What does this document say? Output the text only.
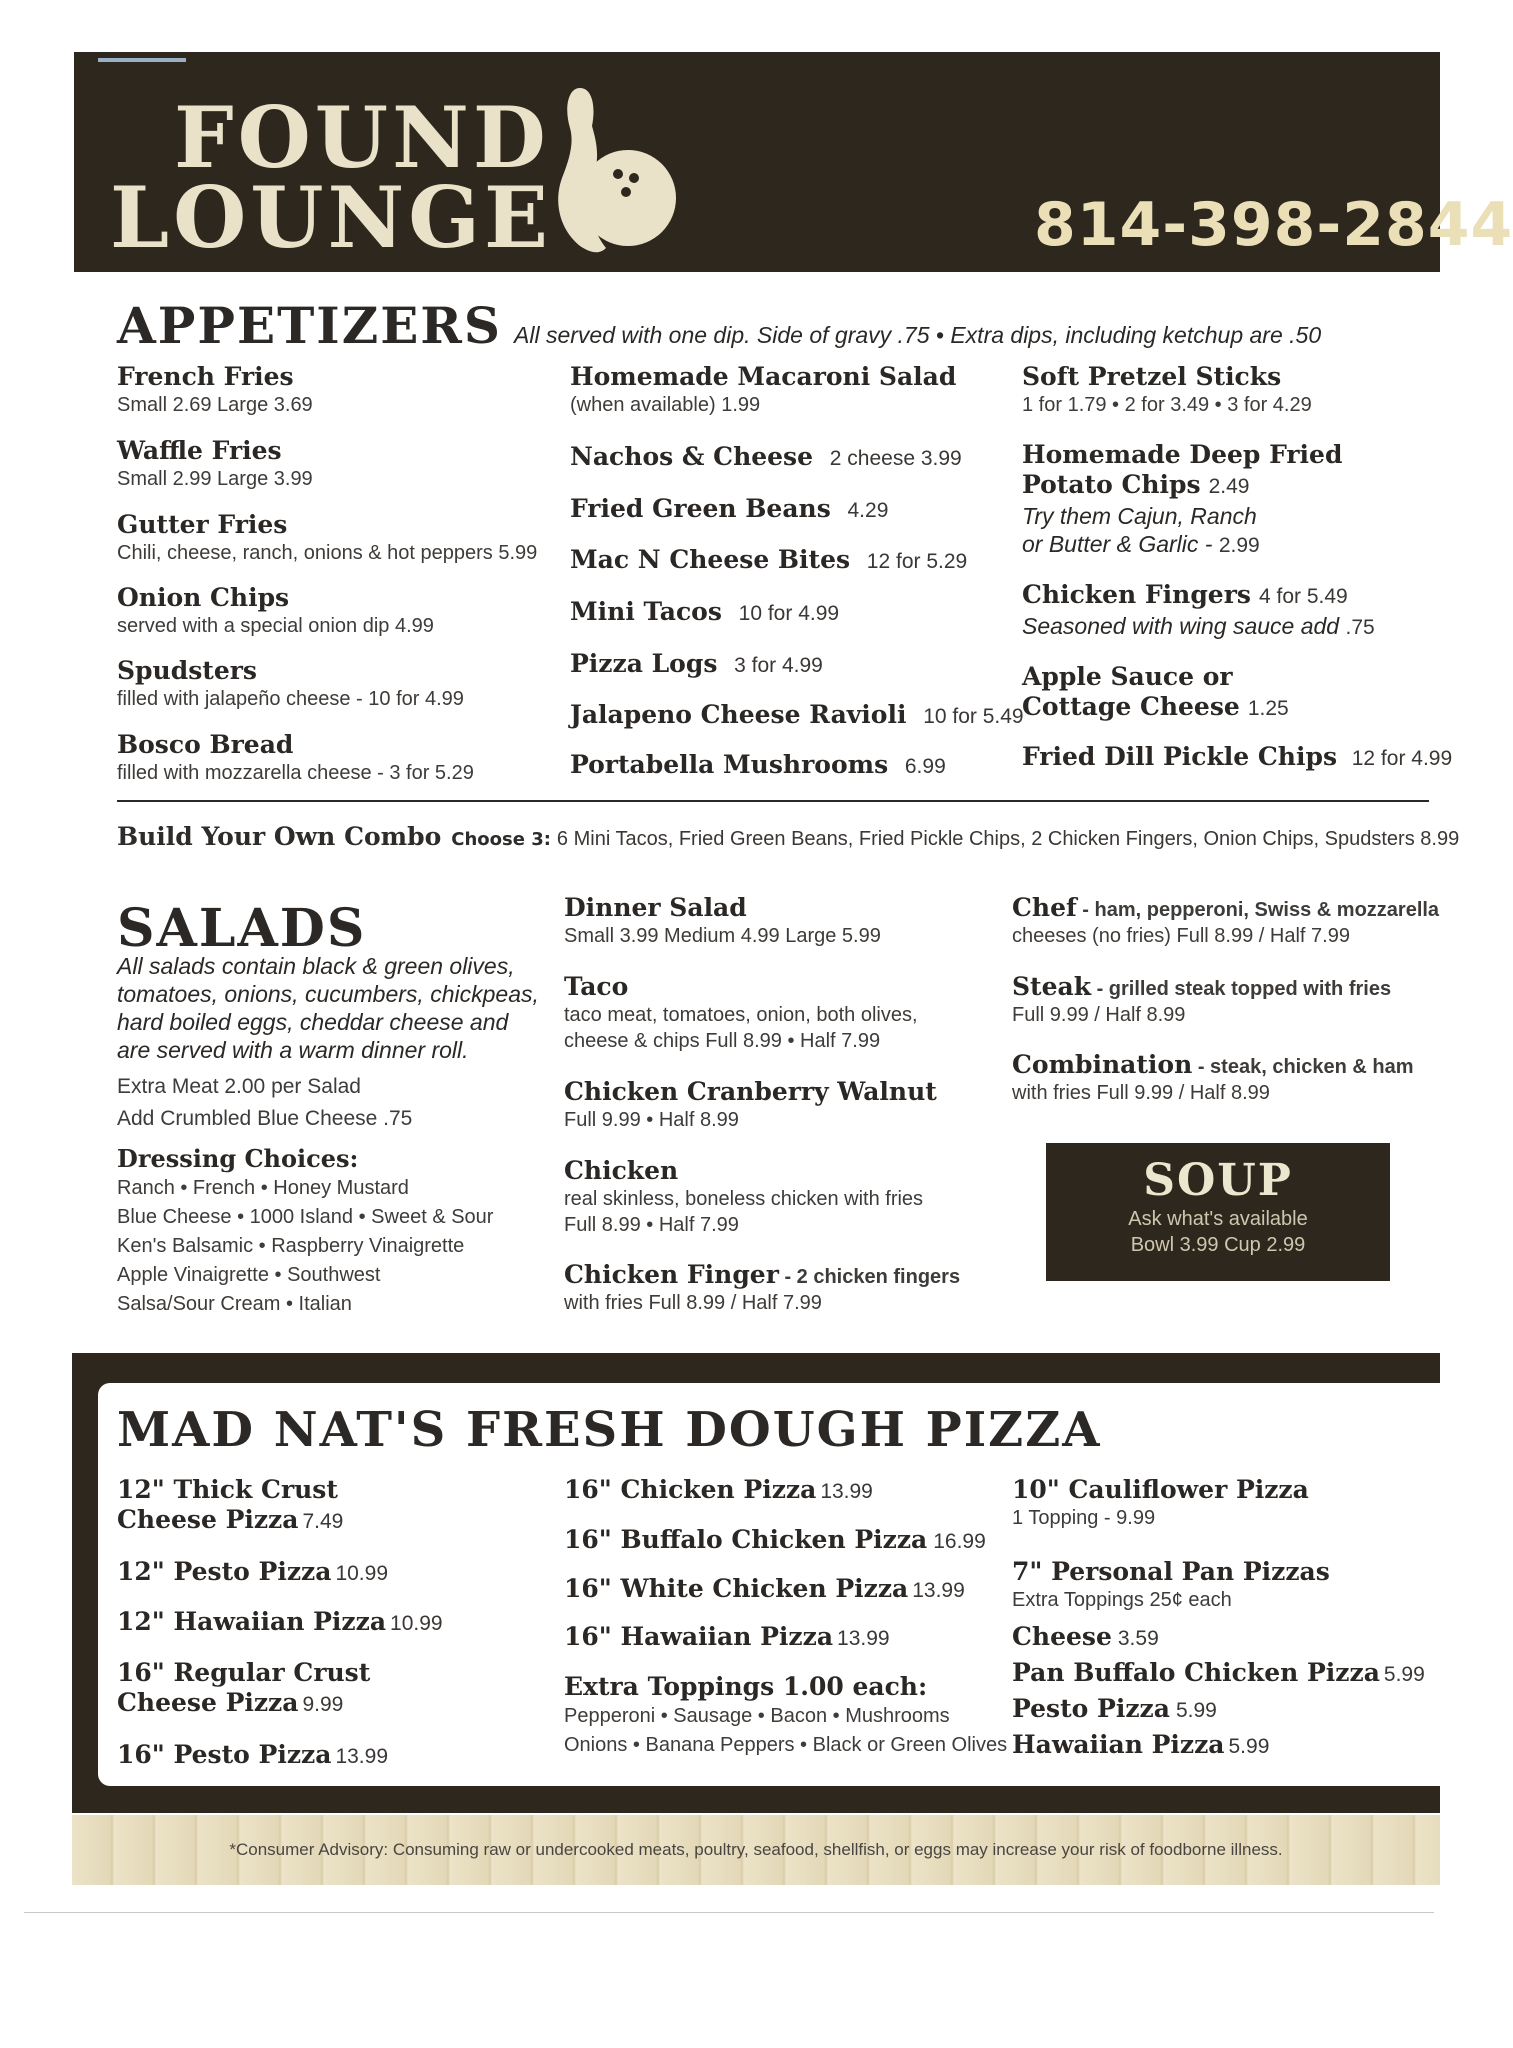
FOUND
LOUNGE	814-398-2844
APPETIZERS All served with one dip. Side of gravy .75 • Extra dips, including ketchup are .50
French Fries
Small 2.69 Large 3.69
Waffle Fries
Small 2.99 Large 3.99
Gutter Fries
Chili, cheese, ranch, onions & hot peppers 5.99
Onion Chips
served with a special onion dip 4.99
Spudsters
filled with jalapeño cheese - 10 for 4.99
Bosco Bread
filled with mozzarella cheese - 3 for 5.29
Homemade Macaroni Salad
(when available) 1.99
Nachos & Cheese 2 cheese 3.99
Fried Green Beans 4.29
Mac N Cheese Bites 12 for 5.29
Mini Tacos 10 for 4.99
Pizza Logs 3 for 4.99
Jalapeno Cheese Ravioli 10 for 5.49
Portabella Mushrooms 6.99
Soft Pretzel Sticks
1 for 1.79 • 2 for 3.49 • 3 for 4.29
Homemade Deep Fried
Potato Chips 2.49
Try them Cajun, Ranch
or Butter & Garlic - 2.99
Chicken Fingers 4 for 5.49
Seasoned with wing sauce add .75
Apple Sauce or
Cottage Cheese 1.25
Fried Dill Pickle Chips 12 for 4.99
Build Your Own Combo Choose 3: 6 Mini Tacos, Fried Green Beans, Fried Pickle Chips, 2 Chicken Fingers, Onion Chips, Spudsters 8.99
SALADS
All salads contain black & green olives,
tomatoes, onions, cucumbers, chickpeas,
hard boiled eggs, cheddar cheese and
are served with a warm dinner roll.
Extra Meat 2.00 per Salad
Add Crumbled Blue Cheese .75
Dressing Choices:
Ranch • French • Honey Mustard
Blue Cheese • 1000 Island • Sweet & Sour
Ken's Balsamic • Raspberry Vinaigrette
Apple Vinaigrette • Southwest
Salsa/Sour Cream • Italian
Dinner Salad
Small 3.99 Medium 4.99 Large 5.99
Taco
taco meat, tomatoes, onion, both olives,
cheese & chips Full 8.99 • Half 7.99
Chicken Cranberry Walnut
Full 9.99 • Half 8.99
Chicken
real skinless, boneless chicken with fries
Full 8.99 • Half 7.99
Chicken Finger - 2 chicken fingers
with fries Full 8.99 / Half 7.99
Chef - ham, pepperoni, Swiss & mozzarella
cheeses (no fries) Full 8.99 / Half 7.99
Steak - grilled steak topped with fries
Full 9.99 / Half 8.99
Combination - steak, chicken & ham
with fries Full 9.99 / Half 8.99
SOUP
Ask what's available
Bowl 3.99 Cup 2.99
MAD NAT'S FRESH DOUGH PIZZA
12" Thick Crust
Cheese Pizza 7.49
12" Pesto Pizza 10.99
12" Hawaiian Pizza 10.99
16" Regular Crust
Cheese Pizza 9.99
16" Pesto Pizza 13.99
16" Chicken Pizza 13.99
16" Buffalo Chicken Pizza 16.99
16" White Chicken Pizza 13.99
16" Hawaiian Pizza 13.99
Extra Toppings 1.00 each:
Pepperoni • Sausage • Bacon • Mushrooms
Onions • Banana Peppers • Black or Green Olives
10" Cauliflower Pizza
1 Topping - 9.99
7" Personal Pan Pizzas
Extra Toppings 25¢ each
Cheese 3.59
Pan Buffalo Chicken Pizza 5.99
Pesto Pizza 5.99
Hawaiian Pizza 5.99
*Consumer Advisory: Consuming raw or undercooked meats, poultry, seafood, shellfish, or eggs may increase your risk of foodborne illness.
